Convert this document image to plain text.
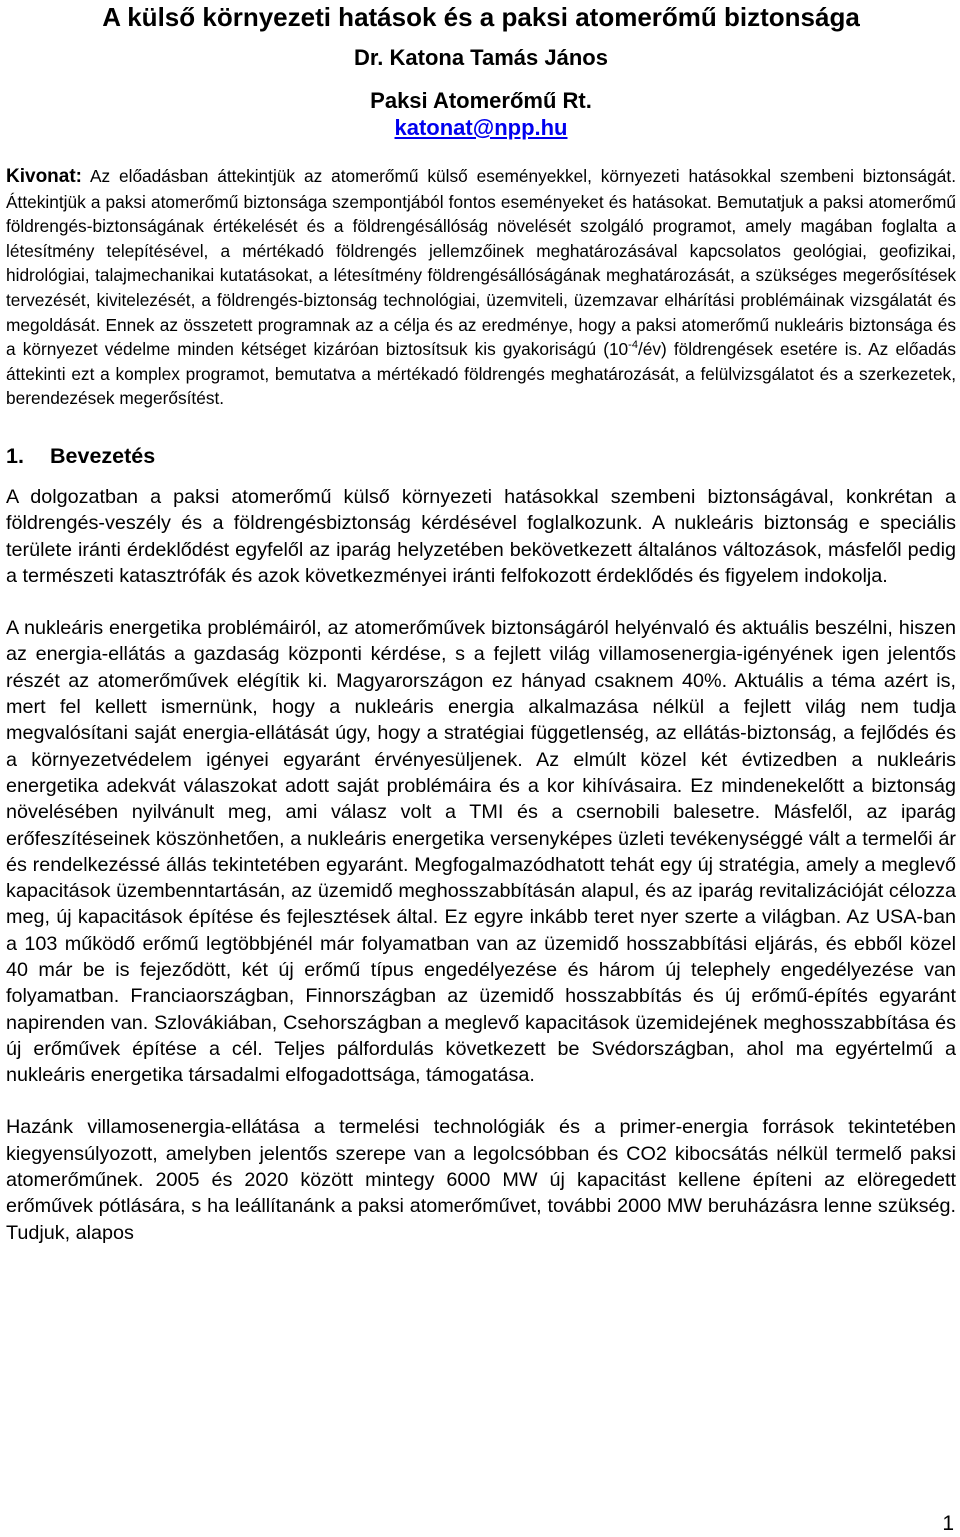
A külső környezeti hatások és a paksi atomerőmű biztonsága
Dr. Katona Tamás János
Paksi Atomerőmű Rt.
katonat@npp.hu

Kivonat: Az előadásban áttekintjük az atomerőmű külső eseményekkel, környezeti hatásokkal szembeni biztonságát. Áttekintjük a paksi atomerőmű biztonsága szempontjából fontos eseményeket és hatásokat. Bemutatjuk a paksi atomerőmű földrengés-biztonságának értékelését és a földrengésállóság növelését szolgáló programot, amely magában foglalta a létesítmény telepítésével, a mértékadó földrengés jellemzőinek meghatározásával kapcsolatos geológiai, geofizikai, hidrológiai, talajmechanikai kutatásokat, a létesítmény földrengésállóságának meghatározását, a szükséges megerősítések tervezését, kivitelezését, a földrengés-biztonság technológiai, üzemviteli, üzemzavar elhárítási problémáinak vizsgálatát és megoldását. Ennek az összetett programnak az a célja és az eredménye, hogy a paksi atomerőmű nukleáris biztonsága és a környezet védelme minden kétséget kizáróan biztosítsuk kis gyakoriságú $(10^{-4}/év)$ földrengések esetére is. Az előadás áttekinti ezt a komplex programot, bemutatva a mértékadó földrengés meghatározását, a felülvizsgálatot és a szerkezetek, berendezések megerősítést.

1. Bevezetés

A dolgozatban a paksi atomerőmű külső környezeti hatásokkal szembeni biztonságával, konkrétan a földrengés-veszély és a földrengésbiztonság kérdésével foglalkozunk. A nukleáris biztonság e speciális területe iránti érdeklődést egyfelől az iparág helyzetében bekövetkezett általános változások, másfelől pedig a természeti katasztrófák és azok következményei iránti felfokozott érdeklődés és figyelem indokolja.

A nukleáris energetika problémáiról, az atomerőművek biztonságáról helyénvaló és aktuális beszélni, hiszen az energia-ellátás a gazdaság központi kérdése, s a fejlett világ villamosenergia-igényének igen jelentős részét az atomerőművek elégítik ki. Magyarországon ez hányad csaknem 40%. Aktuális a téma azért is, mert fel kellett ismernünk, hogy a nukleáris energia alkalmazása nélkül a fejlett világ nem tudja megvalósítani saját energia-ellátását úgy, hogy a stratégiai függetlenség, az ellátás-biztonság, a fejlődés és a környezetvédelem igényei egyaránt érvényesüljenek. Az elmúlt közel két évtizedben a nukleáris energetika adekvát válaszokat adott saját problémáira és a kor kihívásaira. Ez mindenekelőtt a biztonság növelésében nyilvánult meg, ami válasz volt a TMI és a csernobili balesetre. Másfelől, az iparág erőfeszítéseinek köszönhetően, a nukleáris energetika versenyképes üzleti tevékenységgé vált a termelői ár és rendelkezéssé állás tekintetében egyaránt. Megfogalmazódhatott tehát egy új stratégia, amely a meglevő kapacitások üzembenntartásán, az üzemidő meghosszabbításán alapul, és az iparág revitalizációját célozza meg, új kapacitások építése és fejlesztések által. Ez egyre inkább teret nyer szerte a világban. Az USA-ban a 103 működő erőmű legtöbbjénél már folyamatban van az üzemidő hosszabbítási eljárás, és ebből közel 40 már be is fejeződött, két új erőmű típus engedélyezése és három új telephely engedélyezése van folyamatban. Franciaországban, Finnországban az üzemidő hosszabbítás és új erőmű-építés egyaránt napirenden van. Szlovákiában, Csehországban a meglevő kapacitások üzemidejének meghosszabbítása és új erőművek építése a cél. Teljes pálfordulás következett be Svédországban, ahol ma egyértelmű a nukleáris energetika társadalmi elfogadottsága, támogatása.

Hazánk villamosenergia-ellátása a termelési technológiák és a primer-energia források tekintetében kiegyensúlyozott, amelyben jelentős szerepe van a legolcsóbban és CO2 kibocsátás nélkül termelő paksi atomerőműnek. 2005 és 2020 között mintegy 6000 MW új kapacitást kellene építeni az elöregedett erőművek pótlására, s ha leállítanánk a paksi atomerőművet, további 2000 MW beruházásra lenne szükség. Tudjuk, alapos

1
